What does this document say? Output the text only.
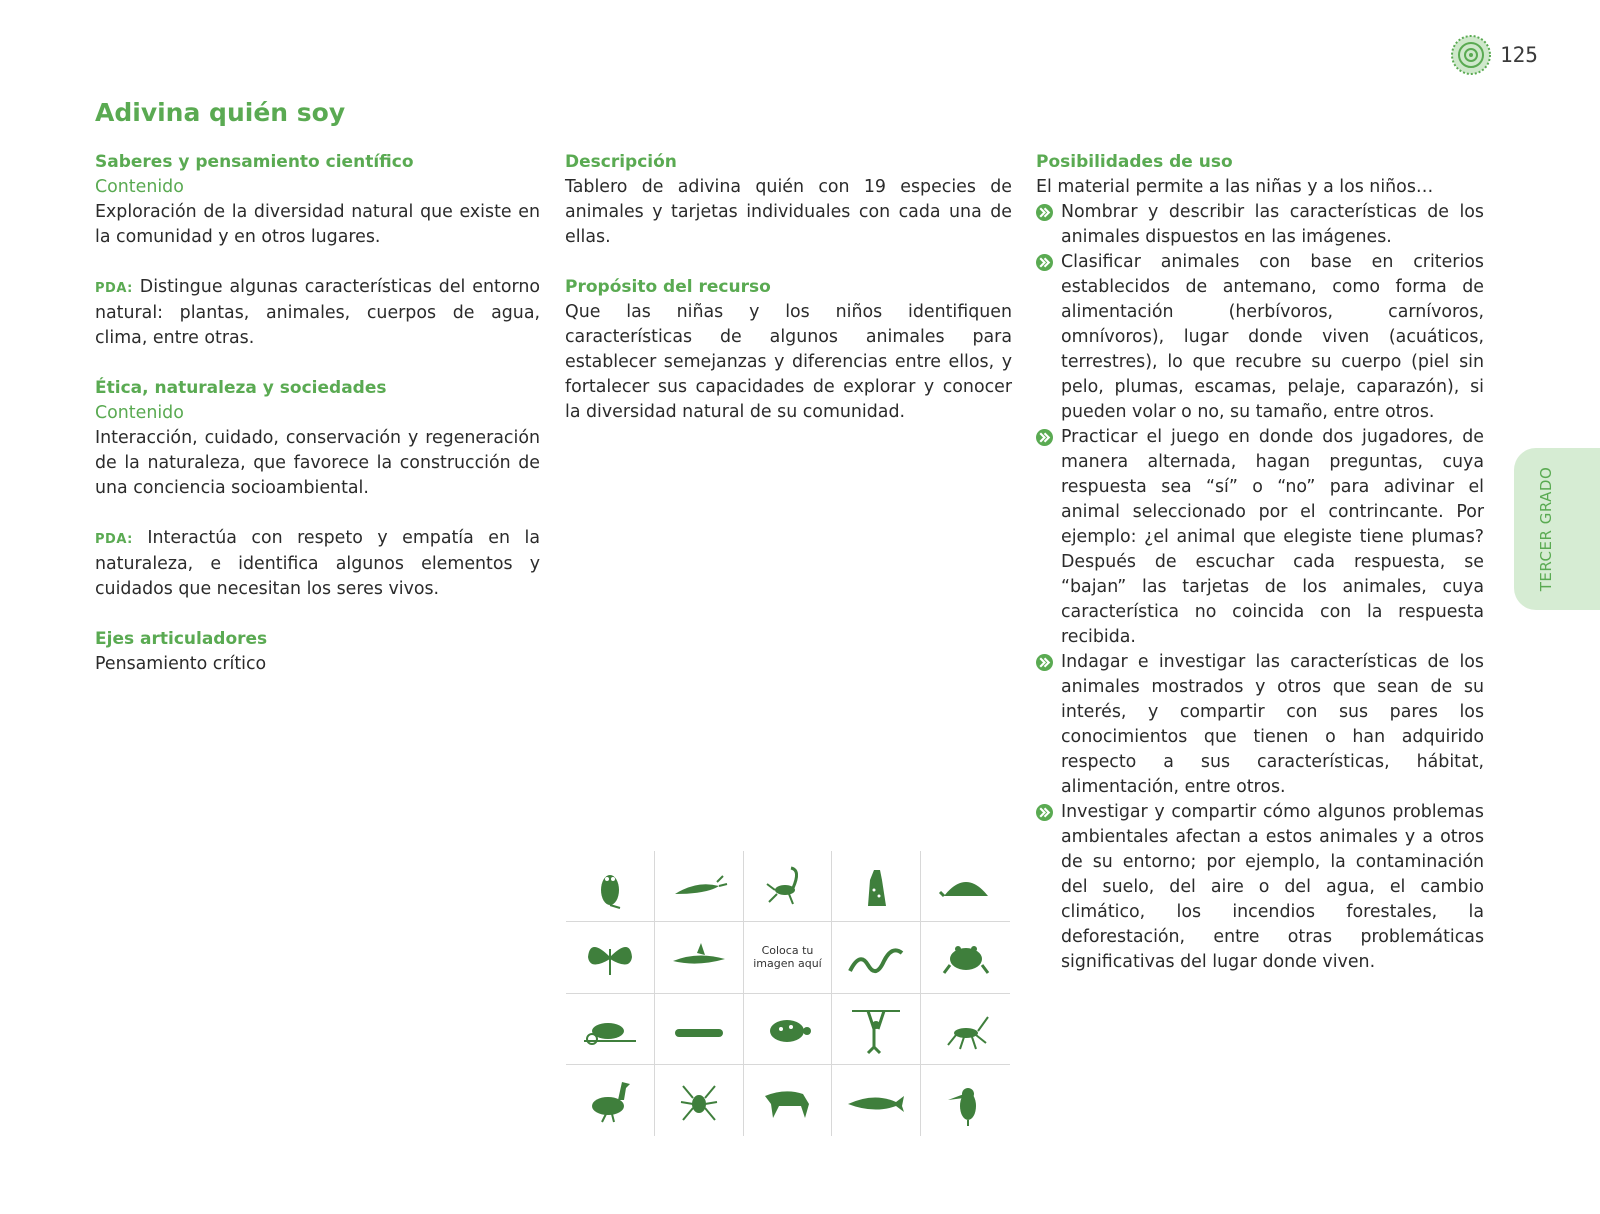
125
Adivina quién soy

Saberes y pensamiento científico

Contenido

Exploración de la diversidad natural que existe en la comunidad y en otros lugares.

PDA: Distingue algunas características del entorno natural: plantas, animales, cuerpos de agua, clima, entre otras.

Ética, naturaleza y sociedades

Contenido

Interacción, cuidado, conservación y regeneración de la naturaleza, que favorece la construcción de una conciencia socioambiental.

PDA: Interactúa con respeto y empatía en la naturaleza, e identifica algunos elementos y cuidados que necesitan los seres vivos.

Ejes articuladores

Pensamiento crítico

Descripción

Tablero de adivina quién con 19 especies de animales y tarjetas individuales con cada una de ellas.

Propósito del recurso

Que las niñas y los niños identifiquen características de algunos animales para establecer semejanzas y diferencias entre ellos, y fortalecer sus capacidades de explorar y conocer la diversidad natural de su comunidad.

Posibilidades de uso

El material permite a las niñas y a los niños…

Nombrar y describir las características de los animales dispuestos en las imágenes.
Clasificar animales con base en criterios establecidos de antemano, como forma de alimentación (herbívoros, carnívoros, omnívoros), lugar donde viven (acuáticos, terrestres), lo que recubre su cuerpo (piel sin pelo, plumas, escamas, pelaje, caparazón), si pueden volar o no, su tamaño, entre otros.
Practicar el juego en donde dos jugadores, de manera alternada, hagan preguntas, cuya respuesta sea “sí” o “no” para adivinar el animal seleccionado por el contrincante. Por ejemplo: ¿el animal que elegiste tiene plumas? Después de escuchar cada respuesta, se “bajan” las tarjetas de los animales, cuya característica no coincida con la respuesta recibida.
Indagar e investigar las características de los animales mostrados y otros que sean de su interés, y compartir con sus pares los conocimientos que tienen o han adquirido respecto a sus características, hábitat, alimentación, entre otros.
Investigar y compartir cómo algunos problemas ambientales afectan a estos animales y a otros de su entorno; por ejemplo, la contaminación del suelo, del aire o del agua, el cambio climático, los incendios forestales, la deforestación, entre otras problemáticas significativas del lugar donde viven.
TERCER GRADO
Coloca tu imagen aquí
